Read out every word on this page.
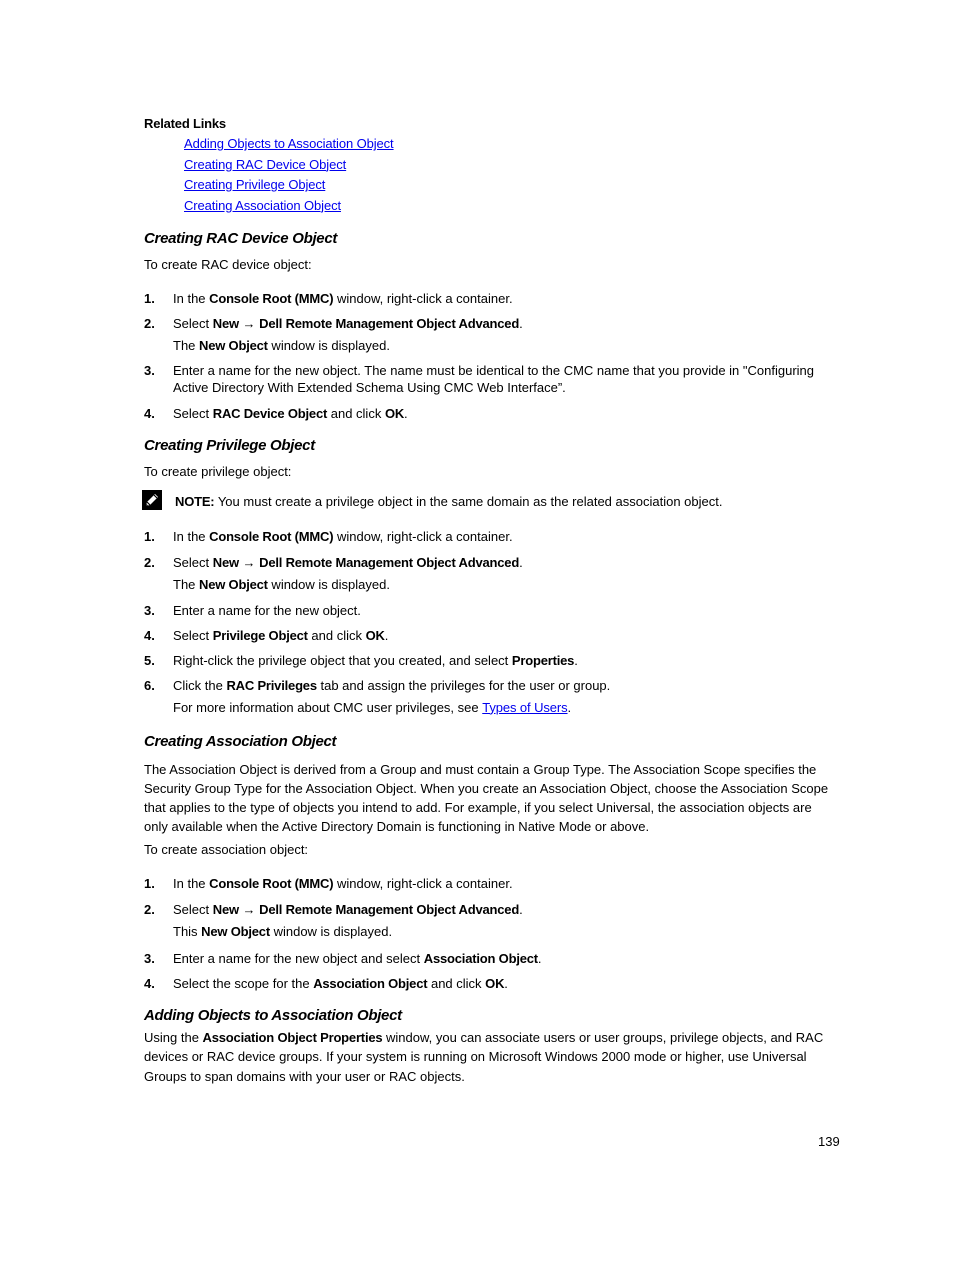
Related Links
Adding Objects to Association Object
Creating RAC Device Object
Creating Privilege Object
Creating Association Object
Creating RAC Device Object

To create RAC device object:

1. In the Console Root (MMC) window, right-click a container.
2. Select New → Dell Remote Management Object Advanced.
The New Object window is displayed.
3. Enter a name for the new object. The name must be identical to the CMC name that you provide in "Configuring Active Directory With Extended Schema Using CMC Web Interface”.
4. Select RAC Device Object and click OK.
Creating Privilege Object

To create privilege object:

NOTE: You must create a privilege object in the same domain as the related association object.
1. In the Console Root (MMC) window, right-click a container.
2. Select New → Dell Remote Management Object Advanced.
The New Object window is displayed.
3. Enter a name for the new object.
4. Select Privilege Object and click OK.
5. Right-click the privilege object that you created, and select Properties.
6. Click the RAC Privileges tab and assign the privileges for the user or group.
For more information about CMC user privileges, see Types of Users.
Creating Association Object

The Association Object is derived from a Group and must contain a Group Type. The Association Scope specifies the Security Group Type for the Association Object. When you create an Association Object, choose the Association Scope that applies to the type of objects you intend to add. For example, if you select Universal, the association objects are only available when the Active Directory Domain is functioning in Native Mode or above.

To create association object:

1. In the Console Root (MMC) window, right-click a container.
2. Select New → Dell Remote Management Object Advanced.
This New Object window is displayed.
3. Enter a name for the new object and select Association Object.
4. Select the scope for the Association Object and click OK.
Adding Objects to Association Object

Using the Association Object Properties window, you can associate users or user groups, privilege objects, and RAC devices or RAC device groups. If your system is running on Microsoft Windows 2000 mode or higher, use Universal Groups to span domains with your user or RAC objects.

139
